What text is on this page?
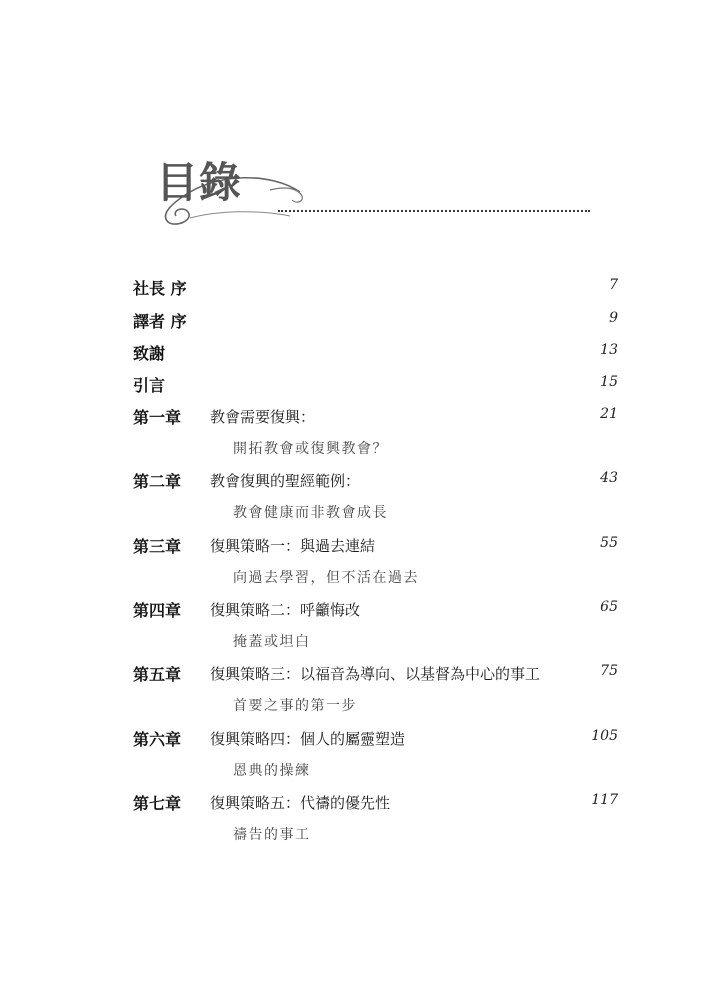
目錄
社長 序	7
譯者 序	9
致謝	13
引言	15
第一章 教會需要復興：	21
開拓教會或復興教會？
第二章 教會復興的聖經範例：	43
教會健康而非教會成長
第三章 復興策略一：與過去連結	55
向過去學習，但不活在過去
第四章 復興策略二：呼籲悔改	65
掩蓋或坦白
第五章 復興策略三：以福音為導向、以基督為中心的事工	75
首要之事的第一步
第六章 復興策略四：個人的屬靈塑造	105
恩典的操練
第七章 復興策略五：代禱的優先性	117
禱告的事工
